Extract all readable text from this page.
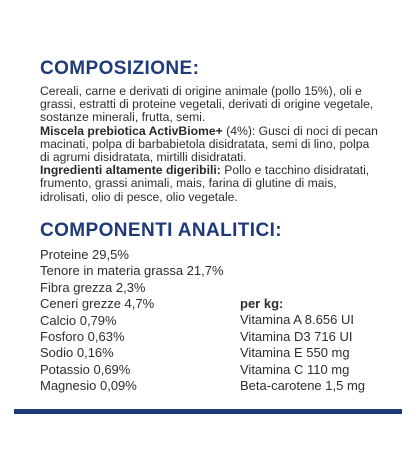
COMPOSIZIONE:

Cereali, carne e derivati di origine animale (pollo 15%), oli e grassi, estratti di proteine vegetali, derivati di origine vegetale, sostanze minerali, frutta, semi.

Miscela prebiotica ActivBiome+ (4%): Gusci di noci di pecan macinati, polpa di barbabietola disidratata, semi di lino, polpa di agrumi disidratata, mirtilli disidratati.

Ingredienti altamente digeribili: Pollo e tacchino disidratati, frumento, grassi animali, mais, farina di glutine di mais, idrolisati, olio di pesce, olio vegetale.

COMPONENTI ANALITICI:
Proteine 29,5%
Tenore in materia grassa 21,7%
Fibra grezza 2,3%
Ceneri grezze 4,7%
Calcio 0,79%
Fosforo 0,63%
Sodio 0,16%
Potassio 0,69%
Magnesio 0,09%
per kg:
Vitamina A 8.656 UI
Vitamina D3 716 UI
Vitamina E 550 mg
Vitamina C 110 mg
Beta-carotene 1,5 mg
